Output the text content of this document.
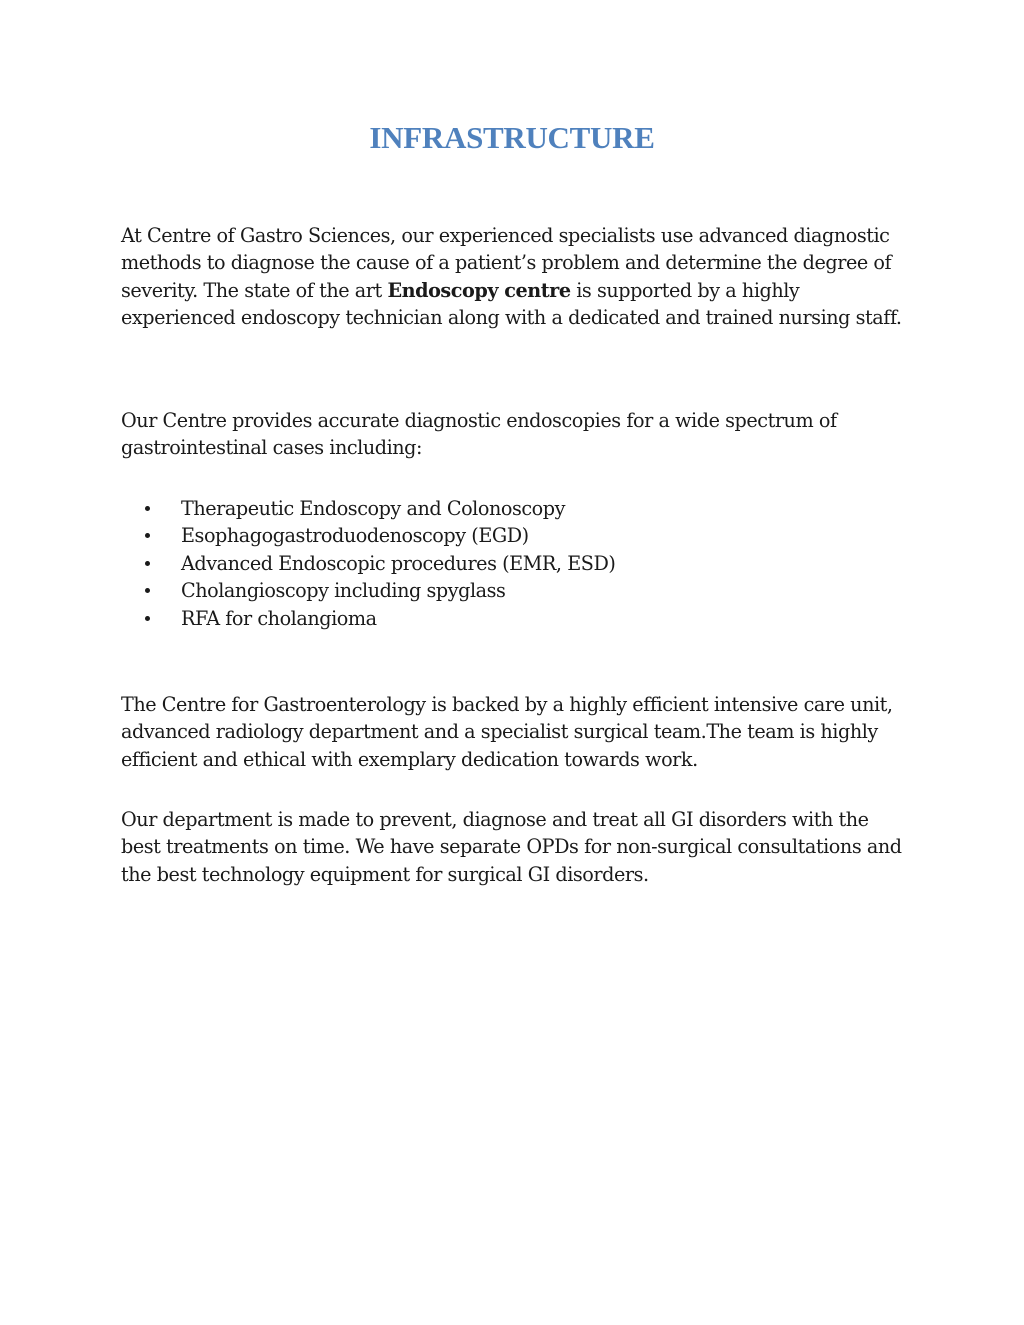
INFRASTRUCTURE

At Centre of Gastro Sciences, our experienced specialists use advanced diagnostic methods to diagnose the cause of a patient’s problem and determine the degree of severity. The state of the art Endoscopy centre is supported by a highly experienced endoscopy technician along with a dedicated and trained nursing staff.

Our Centre provides accurate diagnostic endoscopies for a wide spectrum of gastrointestinal cases including:

Therapeutic Endoscopy and Colonoscopy
Esophagogastroduodenoscopy (EGD)
Advanced Endoscopic procedures (EMR, ESD)
Cholangioscopy including spyglass
RFA for cholangioma

The Centre for Gastroenterology is backed by a highly efficient intensive care unit, advanced radiology department and a specialist surgical team.The team is highly efficient and ethical with exemplary dedication towards work.

Our department is made to prevent, diagnose and treat all GI disorders with the best treatments on time. We have separate OPDs for non-surgical consultations and the best technology equipment for surgical GI disorders.
